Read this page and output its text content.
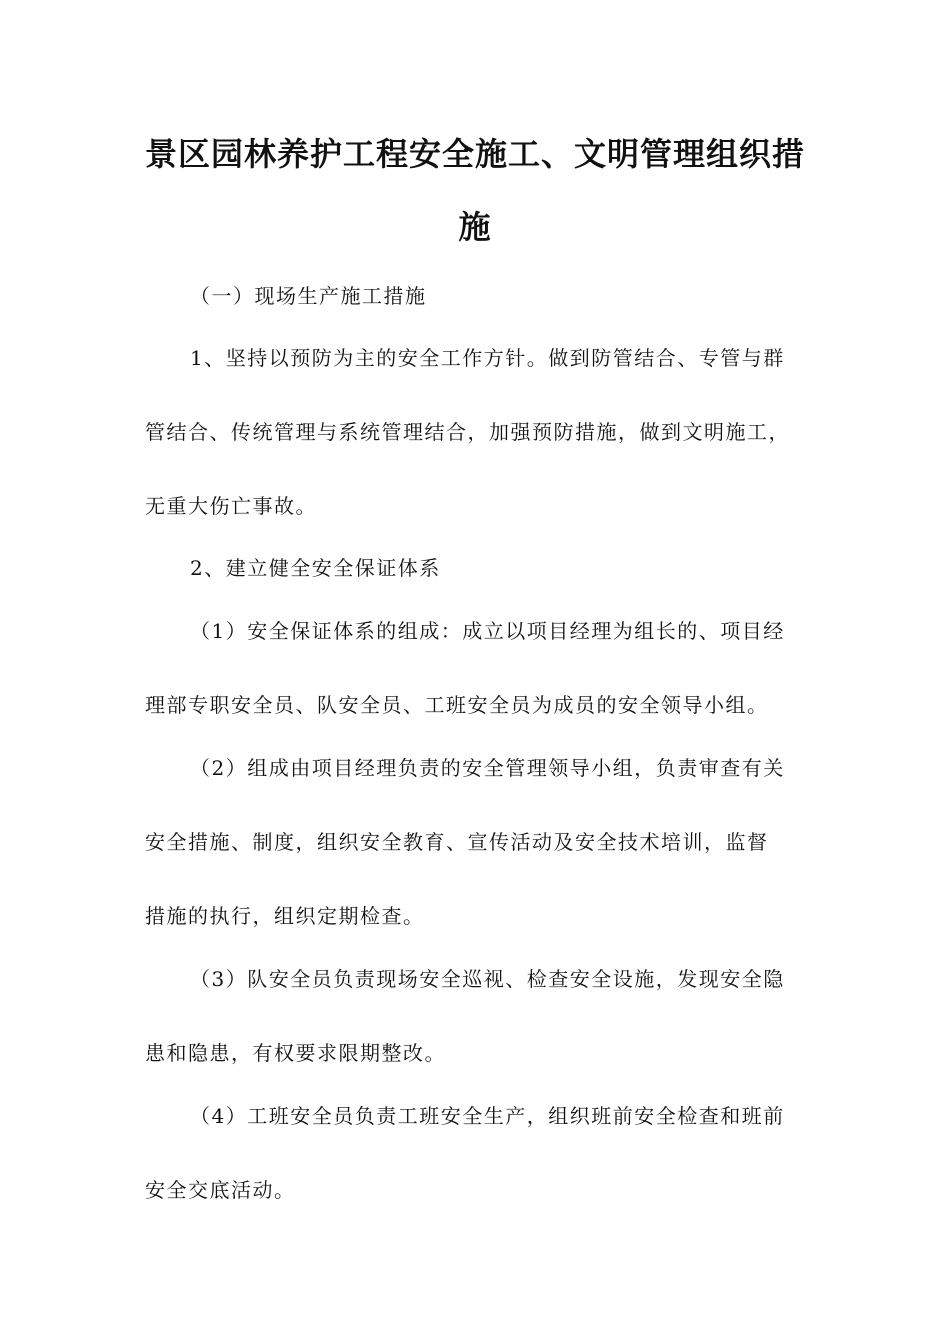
景区园林养护工程安全施工、文明管理组织措
施
（一）现场生产施工措施
1、坚持以预防为主的安全工作方针。做到防管结合、专管与群
管结合、传统管理与系统管理结合，加强预防措施，做到文明施工，
无重大伤亡事故。
2、建立健全安全保证体系
（1）安全保证体系的组成：成立以项目经理为组长的、项目经
理部专职安全员、队安全员、工班安全员为成员的安全领导小组。
（2）组成由项目经理负责的安全管理领导小组，负责审查有关
安全措施、制度，组织安全教育、宣传活动及安全技术培训，监督
措施的执行，组织定期检查。
（3）队安全员负责现场安全巡视、检查安全设施，发现安全隐
患和隐患，有权要求限期整改。
（4）工班安全员负责工班安全生产，组织班前安全检查和班前
安全交底活动。
